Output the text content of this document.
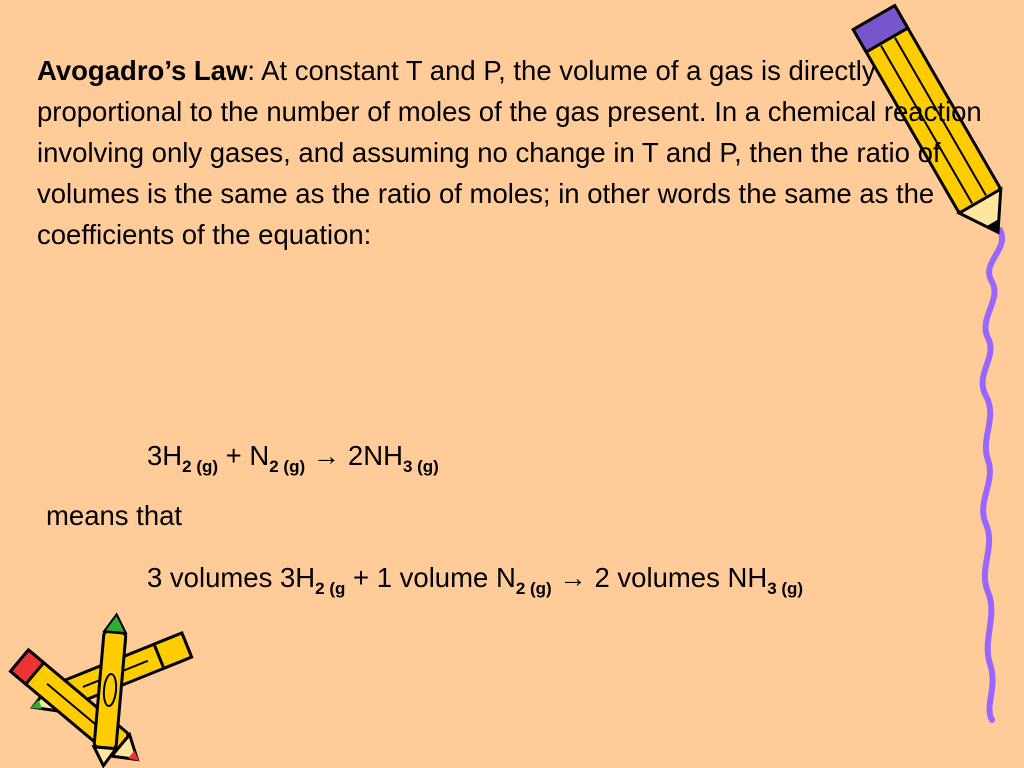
Avogadro’s Law: At constant T and P, the volume of a gas is directly proportional to the number of moles of the gas present. In a chemical reaction involving only gases, and assuming no change in T and P, then the ratio of volumes is the same as the ratio of moles; in other words the same as the coefficients of the equation:
$3H_{2 (g)} + N_{2 (g)} \to 2NH_{3 (g)}$
means that
3 volumes $3H_{2 (g} + 1$ volume $N_{2 (g)} \to 2$ volumes $NH_{3 (g)}$
